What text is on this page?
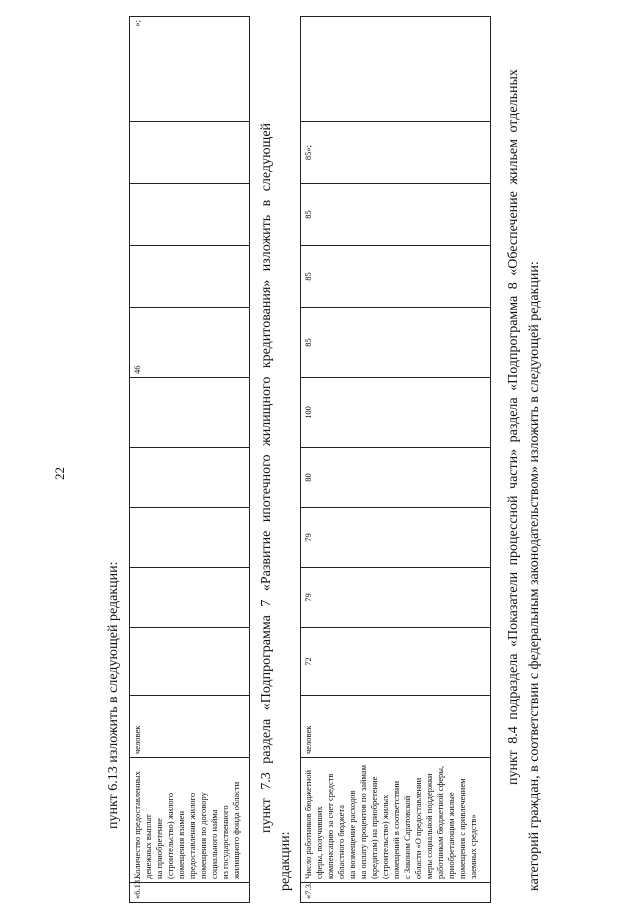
22
пункт 6.13 изложить в следующей редакции:
«6.13.	Количество предоставленных
денежных выплат
на приобретение
(строительство) жилого
помещения взамен
предоставления жилого
помещения по договору
социального найма
из государственного
жилищного фонда области	человек						46				»;
пункт 7.3 раздела «Подпрограмма 7 «Развитие ипотечного жилищного кредитования» изложить в следующей
редакции: «7.3.	Число работников бюджетной
сферы, получивших
компенсацию за счет средств
областного бюджета
на возмещение расходов
на оплату процентов по займам
(кредитам) на приобретение
(строительство) жилых
помещений в соответствии
с Законом Саратовской
области «О предоставлении
меры социальной поддержки
работникам бюджетной сферы,
приобретающим жилые
помещения с привлечением
заемных средств»	человек	72	79	79	80	100	85	85	85	85»;		пункт 8.4 подраздела «Показатели процессной части» раздела «Подпрограмма 8 «Обеспечение жильем отдельных категорий граждан, в соответствии с федеральным законодательством» изложить в следующей редакции:
